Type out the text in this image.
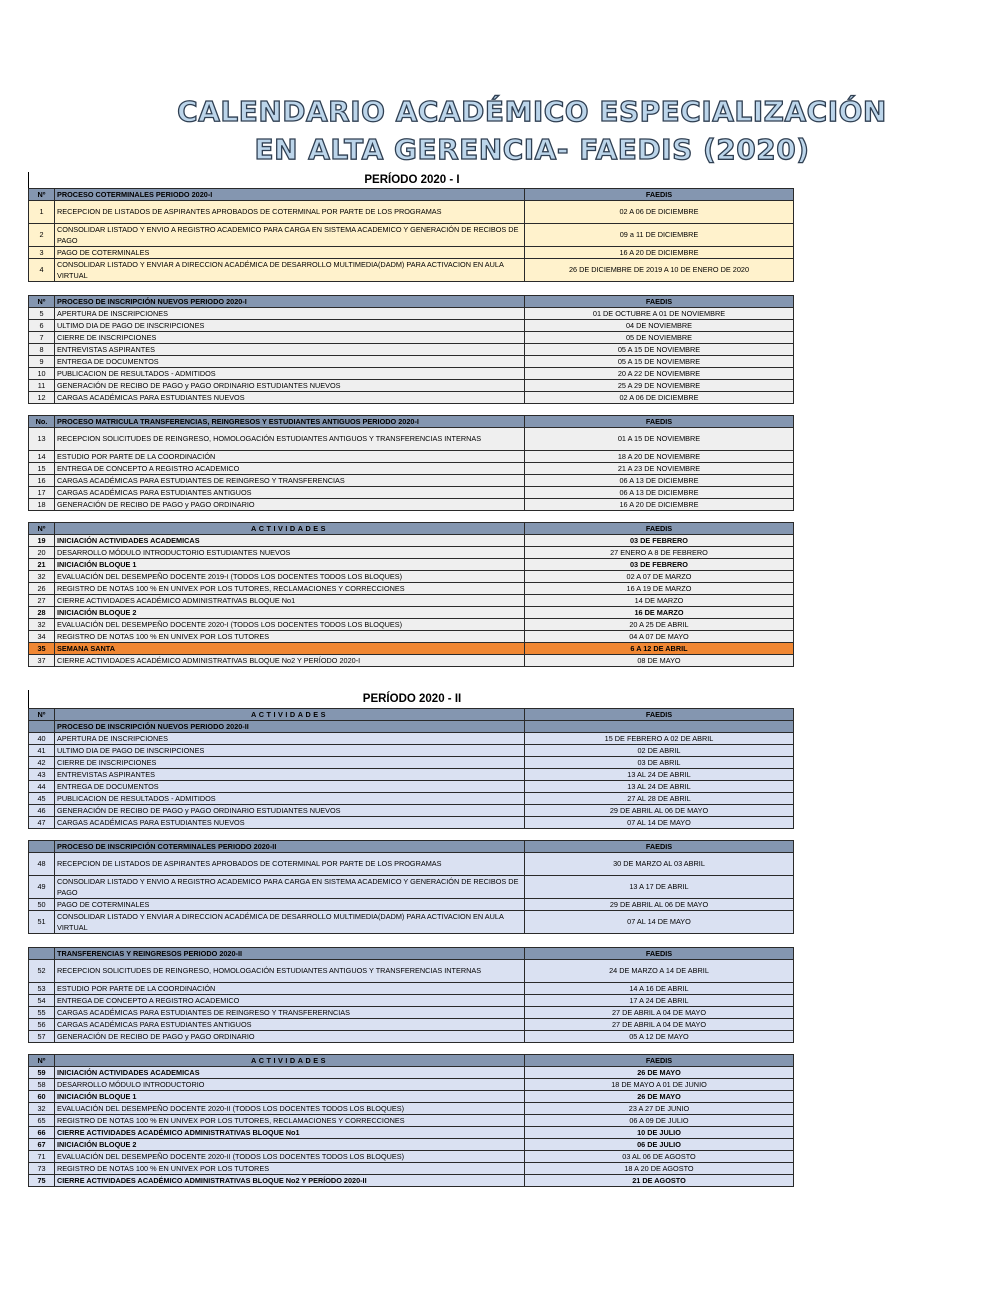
CALENDARIO ACADÉMICO ESPECIALIZACIÓN
EN ALTA GERENCIA- FAEDIS (2020)
PERÍODO 2020 - I
Nº	PROCESO COTERMINALES PERIODO 2020-I	FAEDIS
1	RECEPCION DE LISTADOS DE ASPIRANTES APROBADOS DE COTERMINAL POR PARTE DE LOS PROGRAMAS	02 A 06 DE DICIEMBRE
2	CONSOLIDAR LISTADO Y ENVIO A REGISTRO ACADEMICO PARA CARGA EN SISTEMA ACADEMICO Y GENERACIÓN DE RECIBOS DE PAGO	09 a 11 DE DICIEMBRE
3	PAGO DE COTERMINALES	16 A 20 DE DICIEMBRE
4	CONSOLIDAR LISTADO Y ENVIAR A DIRECCION ACADÉMICA DE DESARROLLO MULTIMEDIA(DADM) PARA ACTIVACION EN AULA VIRTUAL	26 DE DICIEMBRE DE 2019 A 10 DE ENERO DE 2020
Nº	PROCESO DE INSCRIPCIÓN NUEVOS PERIODO 2020-I	FAEDIS
5	APERTURA DE INSCRIPCIONES	01 DE OCTUBRE A 01 DE NOVIEMBRE
6	ULTIMO DIA DE PAGO DE INSCRIPCIONES	04 DE NOVIEMBRE
7	CIERRE DE INSCRIPCIONES	05 DE NOVIEMBRE
8	ENTREVISTAS ASPIRANTES	05 A 15 DE NOVIEMBRE
9	ENTREGA DE DOCUMENTOS	05 A 15 DE NOVIEMBRE
10	PUBLICACION DE RESULTADOS - ADMITIDOS	20 A 22 DE NOVIEMBRE
11	GENERACIÓN DE RECIBO DE PAGO y PAGO ORDINARIO ESTUDIANTES NUEVOS	25 A 29 DE NOVIEMBRE
12	CARGAS ACADÉMICAS PARA ESTUDIANTES NUEVOS	02 A 06 DE DICIEMBRE
No.	PROCESO MATRICULA TRANSFERENCIAS, REINGRESOS Y ESTUDIANTES ANTIGUOS PERIODO 2020-I	FAEDIS
13	RECEPCION SOLICITUDES DE REINGRESO, HOMOLOGACIÓN ESTUDIANTES ANTIGUOS Y TRANSFERENCIAS INTERNAS	01 A 15 DE NOVIEMBRE
14	ESTUDIO POR PARTE DE LA COORDINACIÓN	18 A 20 DE NOVIEMBRE
15	ENTREGA DE CONCEPTO A REGISTRO ACADEMICO	21 A 23 DE NOVIEMBRE
16	CARGAS ACADÉMICAS PARA ESTUDIANTES DE REINGRESO Y TRANSFERENCIAS	06 A 13 DE DICIEMBRE
17	CARGAS ACADÉMICAS PARA ESTUDIANTES ANTIGUOS	06 A 13 DE DICIEMBRE
18	GENERACIÓN DE RECIBO DE PAGO y PAGO ORDINARIO	16 A 20 DE DICIEMBRE
Nº	ACTIVIDADES	FAEDIS
19	INICIACIÓN ACTIVIDADES ACADEMICAS	03 DE FEBRERO
20	DESARROLLO MÓDULO INTRODUCTORIO ESTUDIANTES NUEVOS	27 ENERO A 8 DE FEBRERO
21	INICIACIÓN BLOQUE 1	03 DE FEBRERO
32	EVALUACIÓN DEL DESEMPEÑO DOCENTE 2019-I (TODOS LOS DOCENTES TODOS LOS BLOQUES)	02 A 07 DE MARZO
26	REGISTRO DE NOTAS 100 % EN UNIVEX POR LOS TUTORES, RECLAMACIONES Y CORRECCIONES	16 A 19 DE MARZO
27	CIERRE ACTIVIDADES ACADÉMICO ADMINISTRATIVAS BLOQUE No1	14 DE MARZO
28	INICIACIÓN BLOQUE 2	16 DE MARZO
32	EVALUACIÓN DEL DESEMPEÑO DOCENTE 2020-I (TODOS LOS DOCENTES TODOS LOS BLOQUES)	20 A 25 DE ABRIL
34	REGISTRO DE NOTAS 100 % EN UNIVEX POR LOS TUTORES	04 A 07 DE MAYO
35	SEMANA SANTA	6 A 12 DE ABRIL
37	CIERRE ACTIVIDADES ACADÉMICO ADMINISTRATIVAS BLOQUE No2 Y PERÍODO 2020-I	08 DE MAYO
PERÍODO 2020 - II
Nº	ACTIVIDADES	FAEDIS
	PROCESO DE INSCRIPCIÓN NUEVOS PERIODO 2020-II	
40	APERTURA DE INSCRIPCIONES	15 DE FEBRERO A 02 DE ABRIL
41	ULTIMO DIA DE PAGO DE INSCRIPCIONES	02 DE ABRIL
42	CIERRE DE INSCRIPCIONES	03 DE ABRIL
43	ENTREVISTAS ASPIRANTES	13 AL 24 DE ABRIL
44	ENTREGA DE DOCUMENTOS	13 AL 24 DE ABRIL
45	PUBLICACION DE RESULTADOS - ADMITIDOS	27 AL 28 DE ABRIL
46	GENERACIÓN DE RECIBO DE PAGO y PAGO ORDINARIO ESTUDIANTES NUEVOS	29 DE ABRIL AL 06 DE MAYO
47	CARGAS ACADÉMICAS PARA ESTUDIANTES NUEVOS	07 AL 14 DE MAYO
	PROCESO DE INSCRIPCIÓN COTERMINALES PERIODO 2020-II	FAEDIS
48	RECEPCION DE LISTADOS DE ASPIRANTES APROBADOS DE COTERMINAL POR PARTE DE LOS PROGRAMAS	30 DE MARZO AL 03 ABRIL
49	CONSOLIDAR LISTADO Y ENVIO A REGISTRO ACADEMICO PARA CARGA EN SISTEMA ACADEMICO Y GENERACIÓN DE RECIBOS DE PAGO	13 A 17 DE ABRIL
50	PAGO DE COTERMINALES	29 DE ABRIL AL 06 DE MAYO
51	CONSOLIDAR LISTADO Y ENVIAR A DIRECCION ACADÉMICA DE DESARROLLO MULTIMEDIA(DADM) PARA ACTIVACION EN AULA VIRTUAL	07 AL 14 DE MAYO
	TRANSFERENCIAS Y REINGRESOS PERIODO 2020-II	FAEDIS
52	RECEPCION SOLICITUDES DE REINGRESO, HOMOLOGACIÓN ESTUDIANTES ANTIGUOS Y TRANSFERENCIAS INTERNAS	24 DE MARZO A 14 DE ABRIL
53	ESTUDIO POR PARTE DE LA COORDINACIÓN	14 A 16 DE ABRIL
54	ENTREGA DE CONCEPTO A REGISTRO ACADEMICO	17 A 24 DE ABRIL
55	CARGAS ACADÉMICAS PARA ESTUDIANTES DE REINGRESO Y TRANSFERERNCIAS	27 DE ABRIL A 04 DE MAYO
56	CARGAS ACADÉMICAS PARA ESTUDIANTES ANTIGUOS	27 DE ABRIL A 04 DE MAYO
57	GENERACIÓN DE RECIBO DE PAGO y PAGO ORDINARIO	05 A 12 DE MAYO
Nº	ACTIVIDADES	FAEDIS
59	INICIACIÓN ACTIVIDADES ACADEMICAS	26 DE MAYO
58	DESARROLLO MÓDULO INTRODUCTORIO	18 DE MAYO A 01 DE JUNIO
60	INICIACIÓN BLOQUE 1	26 DE MAYO
32	EVALUACIÓN DEL DESEMPEÑO DOCENTE 2020-II (TODOS LOS DOCENTES TODOS LOS BLOQUES)	23 A 27 DE JUNIO
65	REGISTRO DE NOTAS 100 % EN UNIVEX POR LOS TUTORES, RECLAMACIONES Y CORRECCIONES	06 A 09 DE JULIO
66	CIERRE ACTIVIDADES ACADÉMICO ADMINISTRATIVAS BLOQUE No1	10 DE JULIO
67	INICIACIÓN BLOQUE 2	06 DE JULIO
71	EVALUACIÓN DEL DESEMPEÑO DOCENTE 2020-II (TODOS LOS DOCENTES TODOS LOS BLOQUES)	03 AL 06 DE AGOSTO
73	REGISTRO DE NOTAS 100 % EN UNIVEX POR LOS TUTORES	18 A 20 DE AGOSTO
75	CIERRE ACTIVIDADES ACADÉMICO ADMINISTRATIVAS BLOQUE No2 Y PERÍODO 2020-II	21 DE AGOSTO
